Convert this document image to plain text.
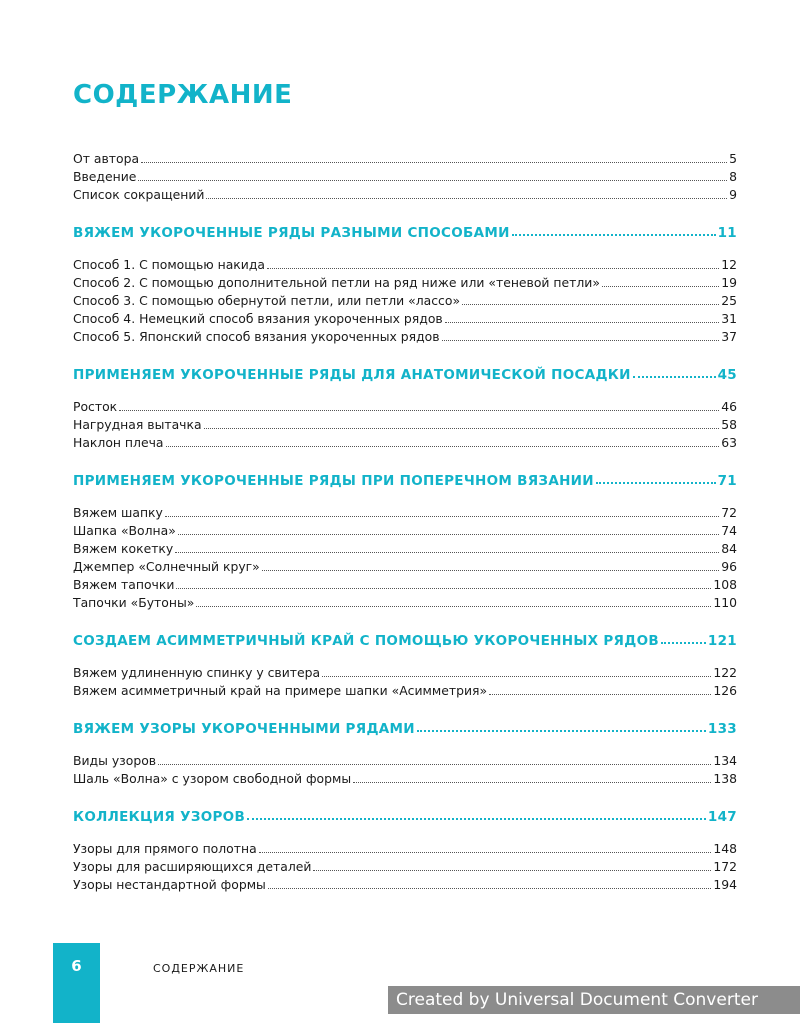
СОДЕРЖАНИЕ
От автора	5
Введение	8
Список сокращений	9
ВЯЖЕМ УКОРОЧЕННЫЕ РЯДЫ РАЗНЫМИ СПОСОБАМИ	11
Способ 1. С помощью накида	12
Способ 2. С помощью дополнительной петли на ряд ниже или «теневой петли»	19
Способ 3. С помощью обернутой петли, или петли «лассо»	25
Способ 4. Немецкий способ вязания укороченных рядов	31
Способ 5. Японский способ вязания укороченных рядов	37
ПРИМЕНЯЕМ УКОРОЧЕННЫЕ РЯДЫ ДЛЯ АНАТОМИЧЕСКОЙ ПОСАДКИ	45
Росток	46
Нагрудная вытачка	58
Наклон плеча	63
ПРИМЕНЯЕМ УКОРОЧЕННЫЕ РЯДЫ ПРИ ПОПЕРЕЧНОМ ВЯЗАНИИ	71
Вяжем шапку	72
Шапка «Волна»	74
Вяжем кокетку	84
Джемпер «Солнечный круг»	96
Вяжем тапочки	108
Тапочки «Бутоны»	110
СОЗДАЕМ АСИММЕТРИЧНЫЙ КРАЙ С ПОМОЩЬЮ УКОРОЧЕННЫХ РЯДОВ	121
Вяжем удлиненную спинку у свитера	122
Вяжем асимметричный край на примере шапки «Асимметрия»	126
ВЯЖЕМ УЗОРЫ УКОРОЧЕННЫМИ РЯДАМИ	133
Виды узоров	134
Шаль «Волна» с узором свободной формы	138
КОЛЛЕКЦИЯ УЗОРОВ	147
Узоры для прямого полотна	148
Узоры для расширяющихся деталей	172
Узоры нестандартной формы	194
6	СОДЕРЖАНИЕ
Created by Universal Document Converter
